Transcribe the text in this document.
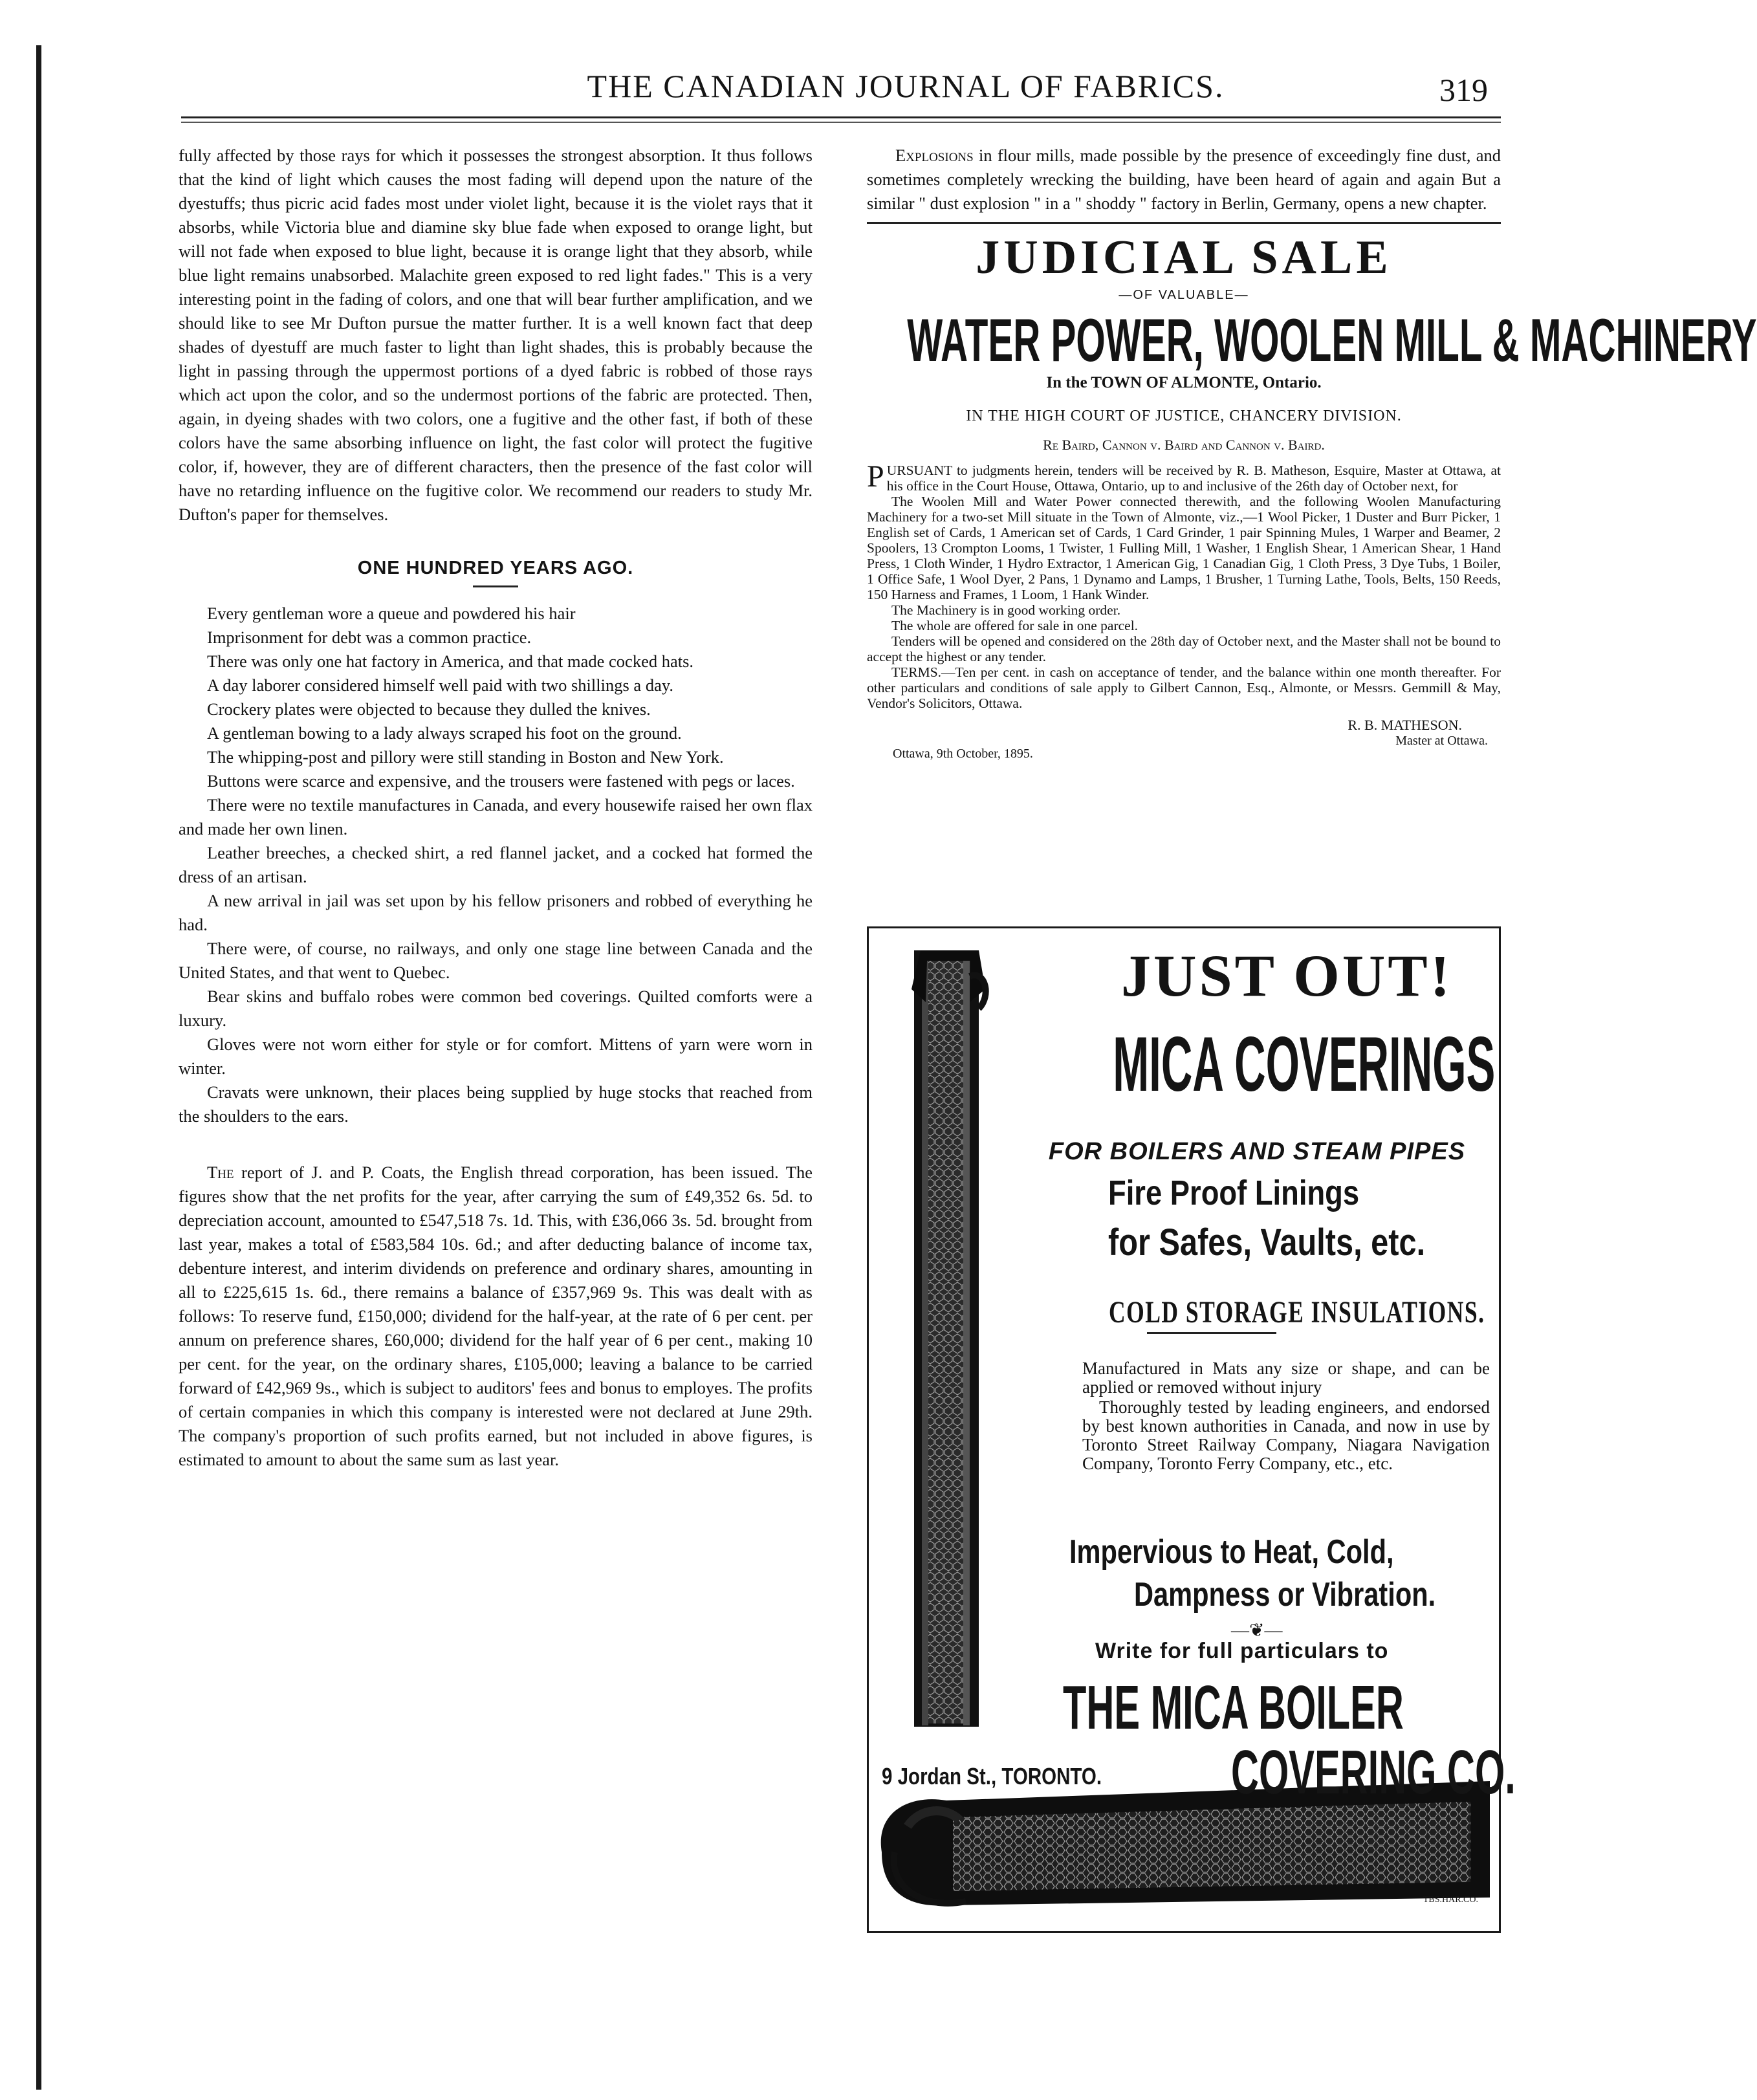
THE CANADIAN JOURNAL OF FABRICS.	319

fully affected by those rays for which it possesses the strongest absorption. It thus follows that the kind of light which causes the most fading will depend upon the nature of the dyestuffs; thus picric acid fades most under violet light, because it is the violet rays that it absorbs, while Victoria blue and diamine sky blue fade when exposed to orange light, but will not fade when exposed to blue light, because it is orange light that they absorb, while blue light remains unabsorbed. Malachite green exposed to red light fades." This is a very interesting point in the fading of colors, and one that will bear further amplification, and we should like to see Mr Dufton pursue the matter further. It is a well known fact that deep shades of dyestuff are much faster to light than light shades, this is probably because the light in passing through the uppermost portions of a dyed fabric is robbed of those rays which act upon the color, and so the undermost portions of the fabric are protected. Then, again, in dyeing shades with two colors, one a fugitive and the other fast, if both of these colors have the same absorbing influence on light, the fast color will protect the fugitive color, if, however, they are of different characters, then the presence of the fast color will have no retarding influence on the fugitive color. We recommend our readers to study Mr. Dufton's paper for themselves.

ONE HUNDRED YEARS AGO.

Every gentleman wore a queue and powdered his hair

Imprisonment for debt was a common practice.

There was only one hat factory in America, and that made cocked hats.

A day laborer considered himself well paid with two shillings a day.

Crockery plates were objected to because they dulled the knives.

A gentleman bowing to a lady always scraped his foot on the ground.

The whipping-post and pillory were still standing in Boston and New York.

Buttons were scarce and expensive, and the trousers were fastened with pegs or laces.

There were no textile manufactures in Canada, and every housewife raised her own flax and made her own linen.

Leather breeches, a checked shirt, a red flannel jacket, and a cocked hat formed the dress of an artisan.

A new arrival in jail was set upon by his fellow prisoners and robbed of everything he had.

There were, of course, no railways, and only one stage line between Canada and the United States, and that went to Quebec.

Bear skins and buffalo robes were common bed coverings. Quilted comforts were a luxury.

Gloves were not worn either for style or for comfort. Mittens of yarn were worn in winter.

Cravats were unknown, their places being supplied by huge stocks that reached from the shoulders to the ears.

The report of J. and P. Coats, the English thread corporation, has been issued. The figures show that the net profits for the year, after carrying the sum of £49,352 6s. 5d. to depreciation account, amounted to £547,518 7s. 1d. This, with £36,066 3s. 5d. brought from last year, makes a total of £583,584 10s. 6d.; and after deducting balance of income tax, debenture interest, and interim dividends on preference and ordinary shares, amounting in all to £225,615 1s. 6d., there remains a balance of £357,969 9s. This was dealt with as follows: To reserve fund, £150,000; dividend for the half-year, at the rate of 6 per cent. per annum on preference shares, £60,000; dividend for the half year of 6 per cent., making 10 per cent. for the year, on the ordinary shares, £105,000; leaving a balance to be carried forward of £42,969 9s., which is subject to auditors' fees and bonus to employes. The profits of certain companies in which this company is interested were not declared at June 29th. The company's proportion of such profits earned, but not included in above figures, is estimated to amount to about the same sum as last year.

Explosions in flour mills, made possible by the presence of exceedingly fine dust, and sometimes completely wrecking the building, have been heard of again and again But a similar " dust explosion " in a " shoddy " factory in Berlin, Germany, opens a new chapter.

JUDICIAL SALE
—OF VALUABLE—
WATER POWER, WOOLEN MILL & MACHINERY
In the TOWN OF ALMONTE, Ontario.
IN THE HIGH COURT OF JUSTICE, CHANCERY DIVISION.
Re Baird, Cannon v. Baird and Cannon v. Baird.

PURSUANT to judgments herein, tenders will be received by R. B. Matheson, Esquire, Master at Ottawa, at his office in the Court House, Ottawa, Ontario, up to and inclusive of the 26th day of October next, for

The Woolen Mill and Water Power connected therewith, and the following Woolen Manufacturing Machinery for a two-set Mill situate in the Town of Almonte, viz.,—1 Wool Picker, 1 Duster and Burr Picker, 1 English set of Cards, 1 American set of Cards, 1 Card Grinder, 1 pair Spinning Mules, 1 Warper and Beamer, 2 Spoolers, 13 Crompton Looms, 1 Twister, 1 Fulling Mill, 1 Washer, 1 English Shear, 1 American Shear, 1 Hand Press, 1 Cloth Winder, 1 Hydro Extractor, 1 American Gig, 1 Canadian Gig, 1 Cloth Press, 3 Dye Tubs, 1 Boiler, 1 Office Safe, 1 Wool Dyer, 2 Pans, 1 Dynamo and Lamps, 1 Brusher, 1 Turning Lathe, Tools, Belts, 150 Reeds, 150 Harness and Frames, 1 Loom, 1 Hank Winder.

The Machinery is in good working order.

The whole are offered for sale in one parcel.

Tenders will be opened and considered on the 28th day of October next, and the Master shall not be bound to accept the highest or any tender.

TERMS.—Ten per cent. in cash on acceptance of tender, and the balance within one month thereafter. For other particulars and conditions of sale apply to Gilbert Cannon, Esq., Almonte, or Messrs. Gemmill & May, Vendor's Solicitors, Ottawa.

R. B. MATHESON.
Master at Ottawa.
Ottawa, 9th October, 1895.
JUST OUT!
MICA COVERINGS
FOR BOILERS AND STEAM PIPES
Fire Proof Linings
for Safes, Vaults, etc.
COLD STORAGE INSULATIONS.

Manufactured in Mats any size or shape, and can be applied or removed without injury

Thoroughly tested by leading engineers, and endorsed by best known authorities in Canada, and now in use by Toronto Street Railway Company, Niagara Navigation Company, Toronto Ferry Company, etc., etc.

Impervious to Heat, Cold,
Dampness or Vibration.
—❦—
Write for full particulars to
THE MICA BOILER
9 Jordan St., TORONTO. COVERING CO.
TBS.HAR.CO.
